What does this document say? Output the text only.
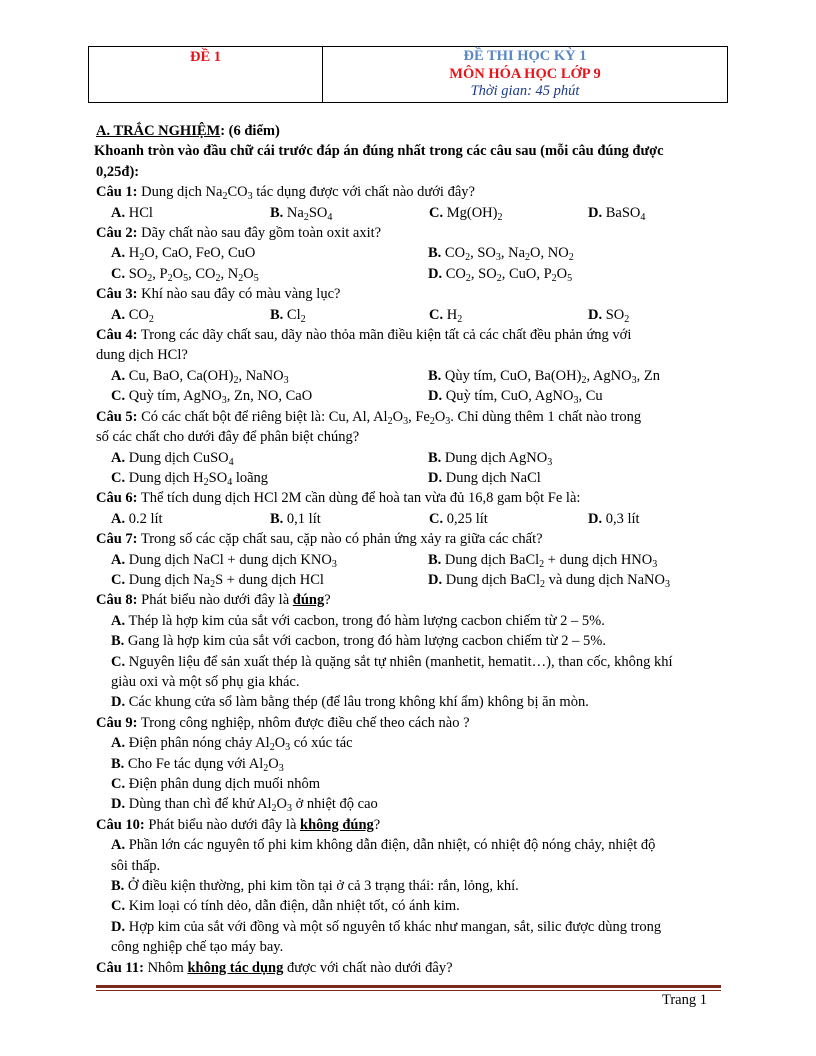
ĐỀ 1	ĐỀ THI HỌC KỲ 1
MÔN HÓA HỌC LỚP 9
Thời gian: 45 phút
A. TRẮC NGHIỆM: (6 điểm)
Khoanh tròn vào đầu chữ cái trước đáp án đúng nhất trong các câu sau (mỗi câu đúng được
0,25đ):
Câu 1: Dung dịch $Na_2CO_3$ tác dụng được với chất nào dưới đây?
A. HCl	B. $Na_2SO_4$	C. $Mg(OH)_2$	D. BaSO$_4$
Câu 2: Dãy chất nào sau đây gồm toàn oxit axit?
A. $H_2O$, CaO, FeO, CuO	B. $CO_2$, $SO_3$, $Na_2O$, $NO_2$
C. $SO_2$, $P_2O_5$, $CO_2$, $N_2O_5$	D. $CO_2$, $SO_2$, CuO, $P_2O_5$
Câu 3: Khí nào sau đây có màu vàng lục?
A. $CO_2$	B. $Cl_2$	C. $H_2$	D. $SO_2$
Câu 4: Trong các dãy chất sau, dãy nào thỏa mãn điều kiện tất cả các chất đều phản ứng với
dung dịch HCl?
A. Cu, BaO, $Ca(OH)_2$, NaNO$_3$	B. Qùy tím, CuO, $Ba(OH)_2$, AgNO$_3$, Zn
C. Quỳ tím, AgNO$_3$, Zn, NO, CaO	D. Quỳ tím, CuO, AgNO$_3$, Cu
Câu 5: Có các chất bột để riêng biệt là: Cu, Al, $Al_2O_3$, $Fe_2O_3$. Chỉ dùng thêm 1 chất nào trong
số các chất cho dưới đây để phân biệt chúng?
A. Dung dịch CuSO$_4$	B. Dung dịch AgNO$_3$
C. Dung dịch $H_2SO_4$ loãng	D. Dung dịch NaCl
Câu 6: Thể tích dung dịch HCl 2M cần dùng để hoà tan vừa đủ 16,8 gam bột Fe là:
A. 0.2 lít	B. 0,1 lít	C. 0,25 lít	D. 0,3 lít
Câu 7: Trong số các cặp chất sau, cặp nào có phản ứng xảy ra giữa các chất?
A. Dung dịch NaCl + dung dịch $KNO_3$	B. Dung dịch BaCl$_2$ + dung dịch $HNO_3$
C. Dung dịch $Na_2S$ + dung dịch HCl	D. Dung dịch BaCl$_2$ và dung dịch NaNO$_3$
Câu 8: Phát biểu nào dưới đây là đúng?
A. Thép là hợp kim của sắt với cacbon, trong đó hàm lượng cacbon chiếm từ 2 – 5%.
B. Gang là hợp kim của sắt với cacbon, trong đó hàm lượng cacbon chiếm từ 2 – 5%.
C. Nguyên liệu để sản xuất thép là quặng sắt tự nhiên (manhetit, hematit…), than cốc, không khí
giàu oxi và một số phụ gia khác.
D. Các khung cửa sổ làm bằng thép (để lâu trong không khí ẩm) không bị ăn mòn.
Câu 9: Trong công nghiệp, nhôm được điều chế theo cách nào ?
A. Điện phân nóng chảy $Al_2O_3$ có xúc tác
B. Cho Fe tác dụng với $Al_2O_3$
C. Điện phân dung dịch muối nhôm
D. Dùng than chì để khử $Al_2O_3$ ở nhiệt độ cao
Câu 10: Phát biểu nào dưới đây là không đúng?
A. Phần lớn các nguyên tố phi kim không dẫn điện, dẫn nhiệt, có nhiệt độ nóng chảy, nhiệt độ
sôi thấp.
B. Ở điều kiện thường, phi kim tồn tại ở cả 3 trạng thái: rắn, lỏng, khí.
C. Kim loại có tính dẻo, dẫn điện, dẫn nhiệt tốt, có ánh kim.
D. Hợp kim của sắt với đồng và một số nguyên tố khác như mangan, sắt, silic được dùng trong
công nghiệp chế tạo máy bay.
Câu 11: Nhôm không tác dụng được với chất nào dưới đây?
Trang 1
